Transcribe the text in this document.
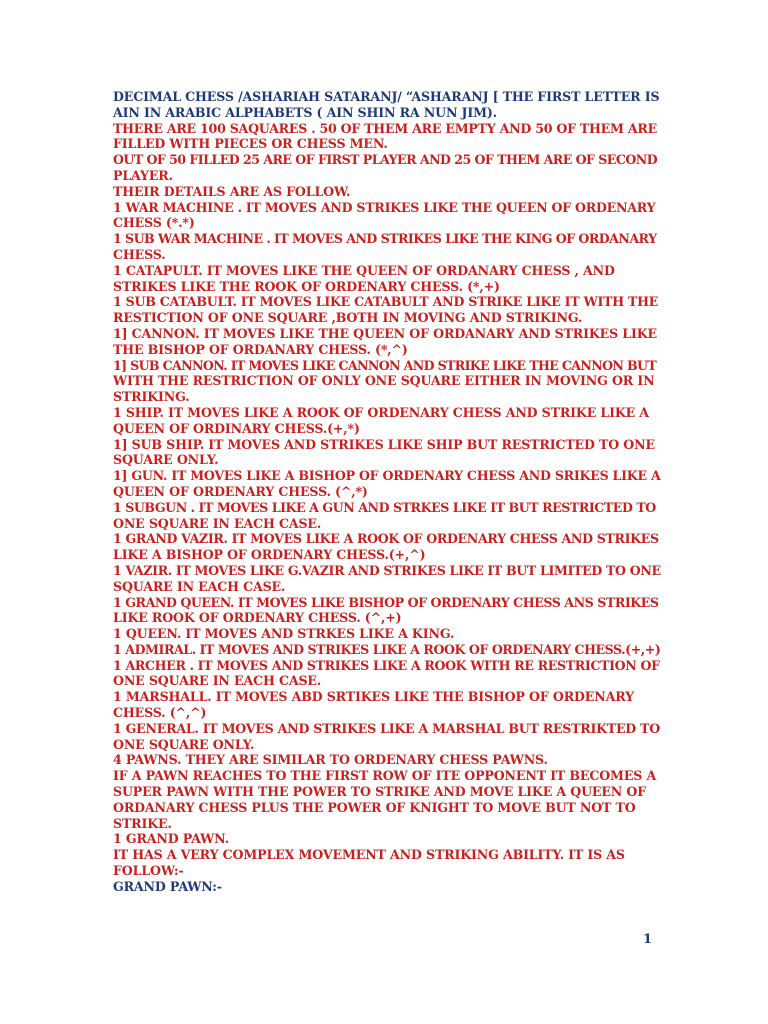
DECIMAL CHESS /ASHARIAH SATARANJ/ “ASHARANJ [ THE FIRST LETTER IS
AIN IN ARABIC ALPHABETS ( AIN SHIN RA NUN JIM).
THERE ARE 100 SAQUARES . 50 OF THEM ARE EMPTY AND 50 OF THEM ARE
FILLED WITH PIECES OR CHESS MEN.
OUT OF 50 FILLED 25 ARE OF FIRST PLAYER AND 25 OF THEM ARE OF SECOND
PLAYER.
THEIR DETAILS ARE AS FOLLOW.
1 WAR MACHINE . IT MOVES AND STRIKES LIKE THE QUEEN OF ORDENARY
CHESS (*.*)
1 SUB WAR MACHINE . IT MOVES AND STRIKES LIKE THE KING OF ORDANARY
CHESS.
1 CATAPULT. IT MOVES LIKE THE QUEEN OF ORDANARY CHESS , AND
STRIKES LIKE THE ROOK OF ORDENARY CHESS. (*,+)
1 SUB CATABULT. IT MOVES LIKE CATABULT AND STRIKE LIKE IT WITH THE
RESTICTION OF ONE SQUARE ,BOTH IN MOVING AND STRIKING.
1] CANNON. IT MOVES LIKE THE QUEEN OF ORDANARY AND STRIKES LIKE
THE BISHOP OF ORDANARY CHESS. (*,^)
1] SUB CANNON. IT MOVES LIKE CANNON AND STRIKE LIKE THE CANNON BUT
WITH THE RESTRICTION OF ONLY ONE SQUARE EITHER IN MOVING OR IN
STRIKING.
1 SHIP. IT MOVES LIKE A ROOK OF ORDENARY CHESS AND STRIKE LIKE A
QUEEN OF ORDINARY CHESS.(+,*)
1] SUB SHIP. IT MOVES AND STRIKES LIKE SHIP BUT RESTRICTED TO ONE
SQUARE ONLY.
1] GUN. IT MOVES LIKE A BISHOP OF ORDENARY CHESS AND SRIKES LIKE A
QUEEN OF ORDENARY CHESS. (^,*)
1 SUBGUN . IT MOVES LIKE A GUN AND STRKES LIKE IT BUT RESTRICTED TO
ONE SQUARE IN EACH CASE.
1 GRAND VAZIR. IT MOVES LIKE A ROOK OF ORDENARY CHESS AND STRIKES
LIKE A BISHOP OF ORDENARY CHESS.(+,^)
1 VAZIR. IT MOVES LIKE G.VAZIR AND STRIKES LIKE IT BUT LIMITED TO ONE
SQUARE IN EACH CASE.
1 GRAND QUEEN. IT MOVES LIKE BISHOP OF ORDENARY CHESS ANS STRIKES
LIKE ROOK OF ORDENARY CHESS. (^,+)
1 QUEEN. IT MOVES AND STRKES LIKE A KING.
1 ADMIRAL. IT MOVES AND STRIKES LIKE A ROOK OF ORDENARY CHESS.(+,+)
1 ARCHER . IT MOVES AND STRIKES LIKE A ROOK WITH RE RESTRICTION OF
ONE SQUARE IN EACH CASE.
1 MARSHALL. IT MOVES ABD SRTIKES LIKE THE BISHOP OF ORDENARY
CHESS. (^,^)
1 GENERAL. IT MOVES AND STRIKES LIKE A MARSHAL BUT RESTRIKTED TO
ONE SQUARE ONLY.
4 PAWNS. THEY ARE SIMILAR TO ORDENARY CHESS PAWNS.
IF A PAWN REACHES TO THE FIRST ROW OF ITE OPPONENT IT BECOMES A
SUPER PAWN WITH THE POWER TO STRIKE AND MOVE LIKE A QUEEN OF
ORDANARY CHESS PLUS THE POWER OF KNIGHT TO MOVE BUT NOT TO
STRIKE.
1 GRAND PAWN.
IT HAS A VERY COMPLEX MOVEMENT AND STRIKING ABILITY. IT IS AS
FOLLOW:-
GRAND PAWN:-
1
